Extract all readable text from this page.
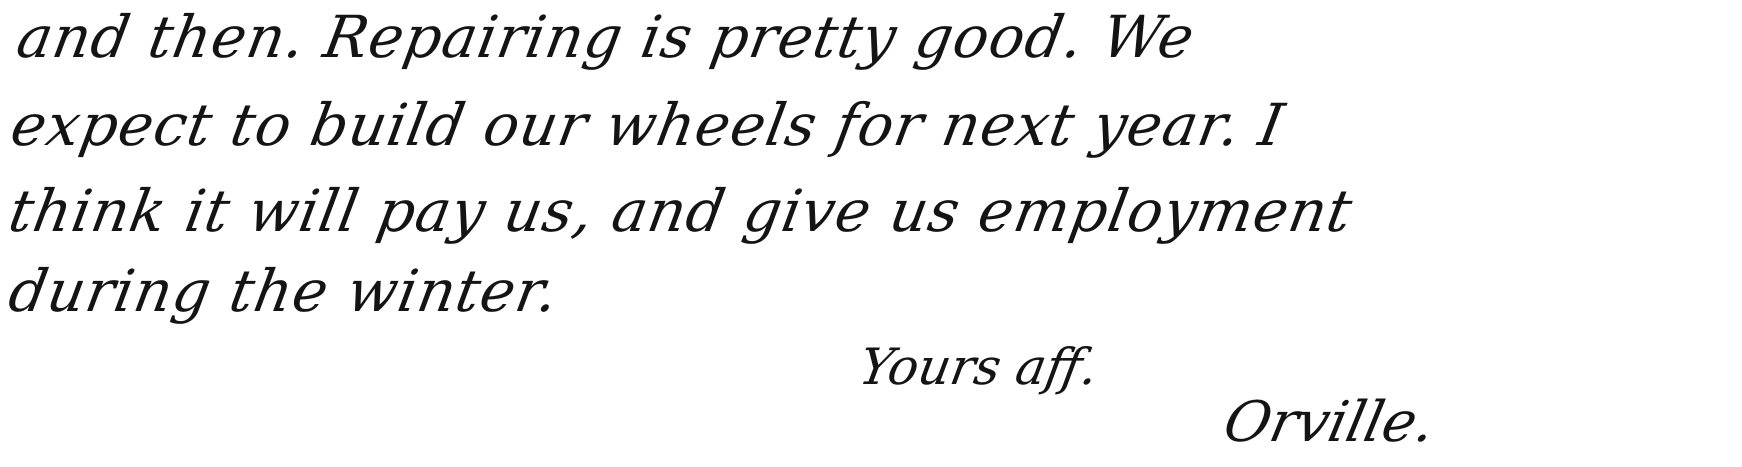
and then. Repairing is pretty good. We
expect to build our wheels for next year. I
think it will pay us, and give us employment
during the winter.
Yours aff.
Orville.
